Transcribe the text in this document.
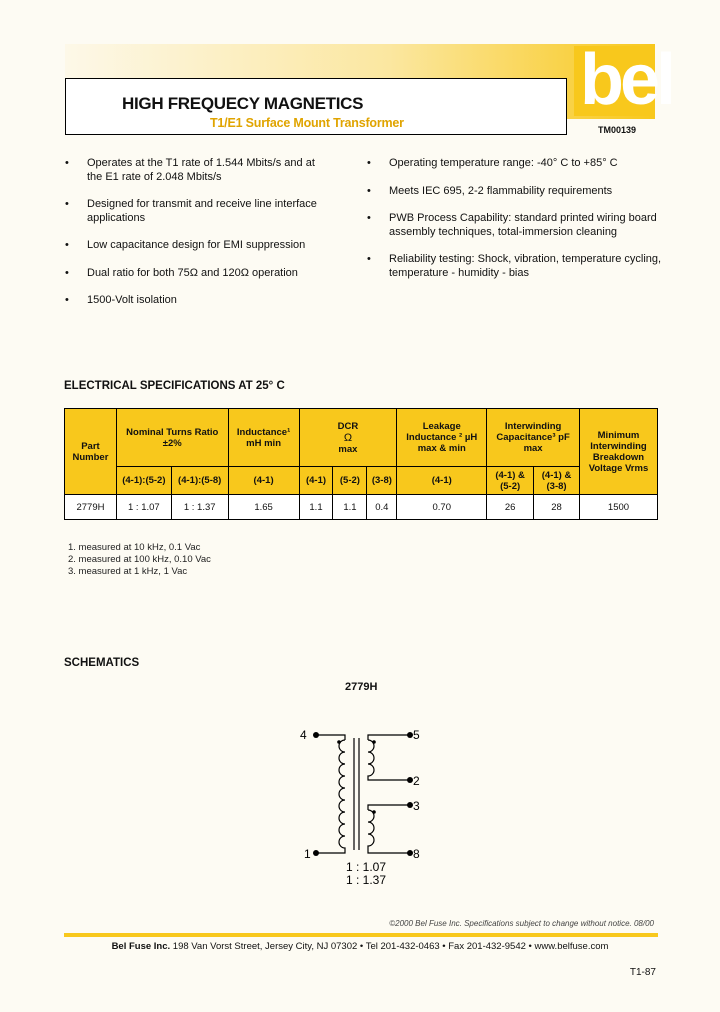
HIGH FREQUECY MAGNETICS
T1/E1 Surface Mount Transformer
bel
TM00139
• Operates at the T1 rate of 1.544 Mbits/s and at the E1 rate of 2.048 Mbits/s
• Designed for transmit and receive line interface applications
• Low capacitance design for EMI suppression
• Dual ratio for both 75Ω and 120Ω operation
• 1500-Volt isolation
• Operating temperature range: -40° C to +85° C
• Meets IEC 695, 2-2 flammability requirements
• PWB Process Capability: standard printed wiring board assembly techniques, total-immersion cleaning
• Reliability testing: Shock, vibration, temperature cycling, temperature - humidity - bias
ELECTRICAL SPECIFICATIONS AT 25° C
Part Number	Nominal Turns Ratio ±2%		Inductance¹ mH min	DCR
Ω
max			Leakage Inductance ² µH max & min	Interwinding Capacitance³ pF max		Minimum Interwinding Breakdown Voltage Vrms
	(4-1):(5-2)	(4-1):(5-8)	(4-1)	(4-1)	(5-2)	(3-8)	(4-1)	(4-1) & (5-2)	(4-1) & (3-8)	
2779H	1 : 1.07	1 : 1.37	1.65	1.1	1.1	0.4	0.70	26	28	1500
1. measured at 10 kHz, 0.1 Vac
2. measured at 100 kHz, 0.10 Vac
3. measured at 1 kHz, 1 Vac
SCHEMATICS
2779H
4
1
5
2
3
8
1 : 1.07
1 : 1.37
©2000 Bel Fuse Inc. Specifications subject to change without notice. 08/00
Bel Fuse Inc. 198 Van Vorst Street, Jersey City, NJ 07302 • Tel 201-432-0463 • Fax 201-432-9542 • www.belfuse.com
T1-87
